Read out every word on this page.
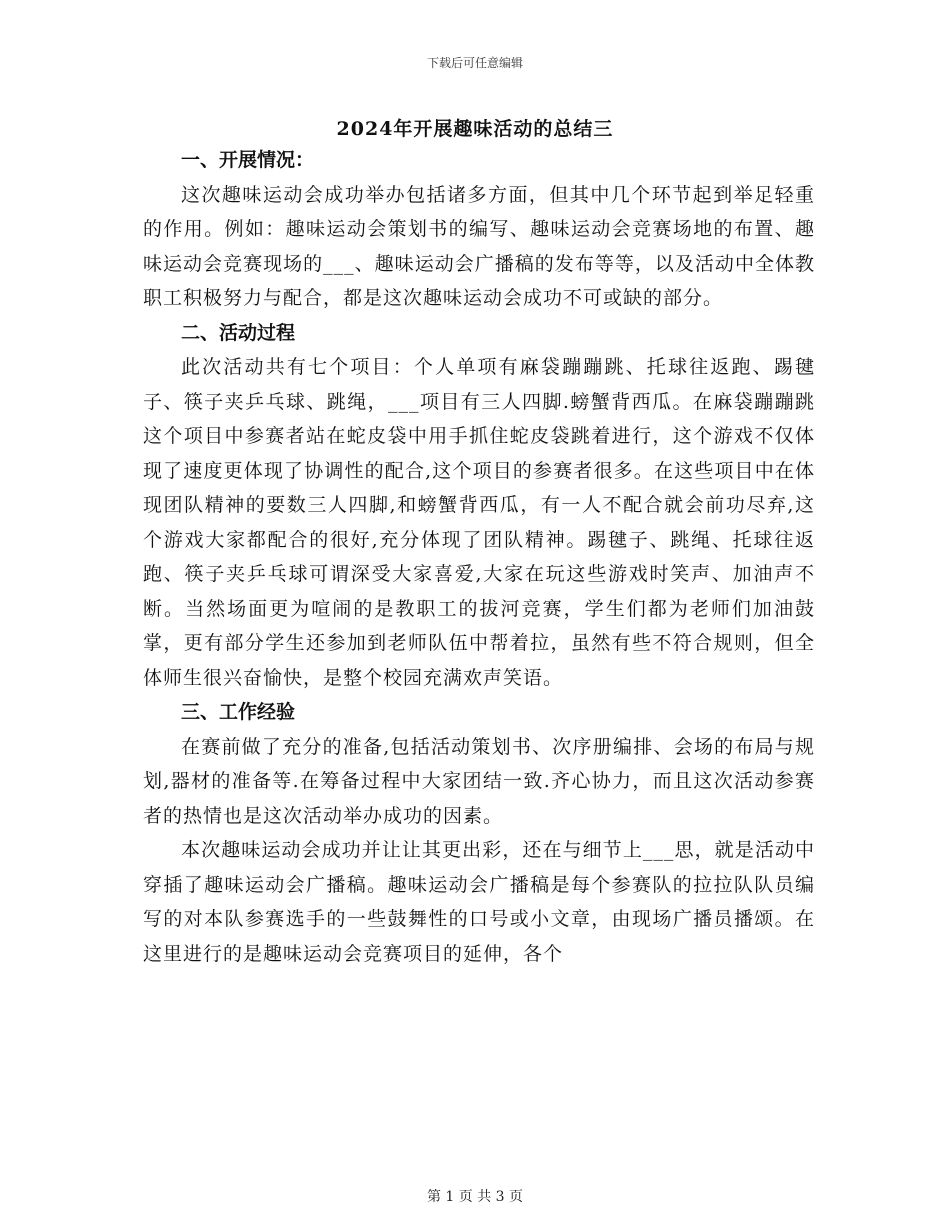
下载后可任意编辑
2024年开展趣味活动的总结三

一、开展情况：

这次趣味运动会成功举办包括诸多方面，但其中几个环节起到举足轻重的作用。例如：趣味运动会策划书的编写、趣味运动会竞赛场地的布置、趣味运动会竞赛现场的___、趣味运动会广播稿的发布等等，以及活动中全体教职工积极努力与配合，都是这次趣味运动会成功不可或缺的部分。

二、活动过程

此次活动共有七个项目：个人单项有麻袋蹦蹦跳、托球往返跑、踢毽子、筷子夹乒乓球、跳绳，___项目有三人四脚.螃蟹背西瓜。在麻袋蹦蹦跳这个项目中参赛者站在蛇皮袋中用手抓住蛇皮袋跳着进行，这个游戏不仅体现了速度更体现了协调性的配合,这个项目的参赛者很多。在这些项目中在体现团队精神的要数三人四脚,和螃蟹背西瓜，有一人不配合就会前功尽弃,这个游戏大家都配合的很好,充分体现了团队精神。踢毽子、跳绳、托球往返跑、筷子夹乒乓球可谓深受大家喜爱,大家在玩这些游戏时笑声、加油声不断。当然场面更为喧闹的是教职工的拔河竞赛，学生们都为老师们加油鼓掌，更有部分学生还参加到老师队伍中帮着拉，虽然有些不符合规则，但全体师生很兴奋愉快，是整个校园充满欢声笑语。

三、工作经验

在赛前做了充分的准备,包括活动策划书、次序册编排、会场的布局与规划,器材的准备等.在筹备过程中大家团结一致.齐心协力，而且这次活动参赛者的热情也是这次活动举办成功的因素。

本次趣味运动会成功并让让其更出彩，还在与细节上___思，就是活动中穿插了趣味运动会广播稿。趣味运动会广播稿是每个参赛队的拉拉队队员编写的对本队参赛选手的一些鼓舞性的口号或小文章，由现场广播员播颂。在这里进行的是趣味运动会竞赛项目的延伸，各个

第 1 页 共 3 页
